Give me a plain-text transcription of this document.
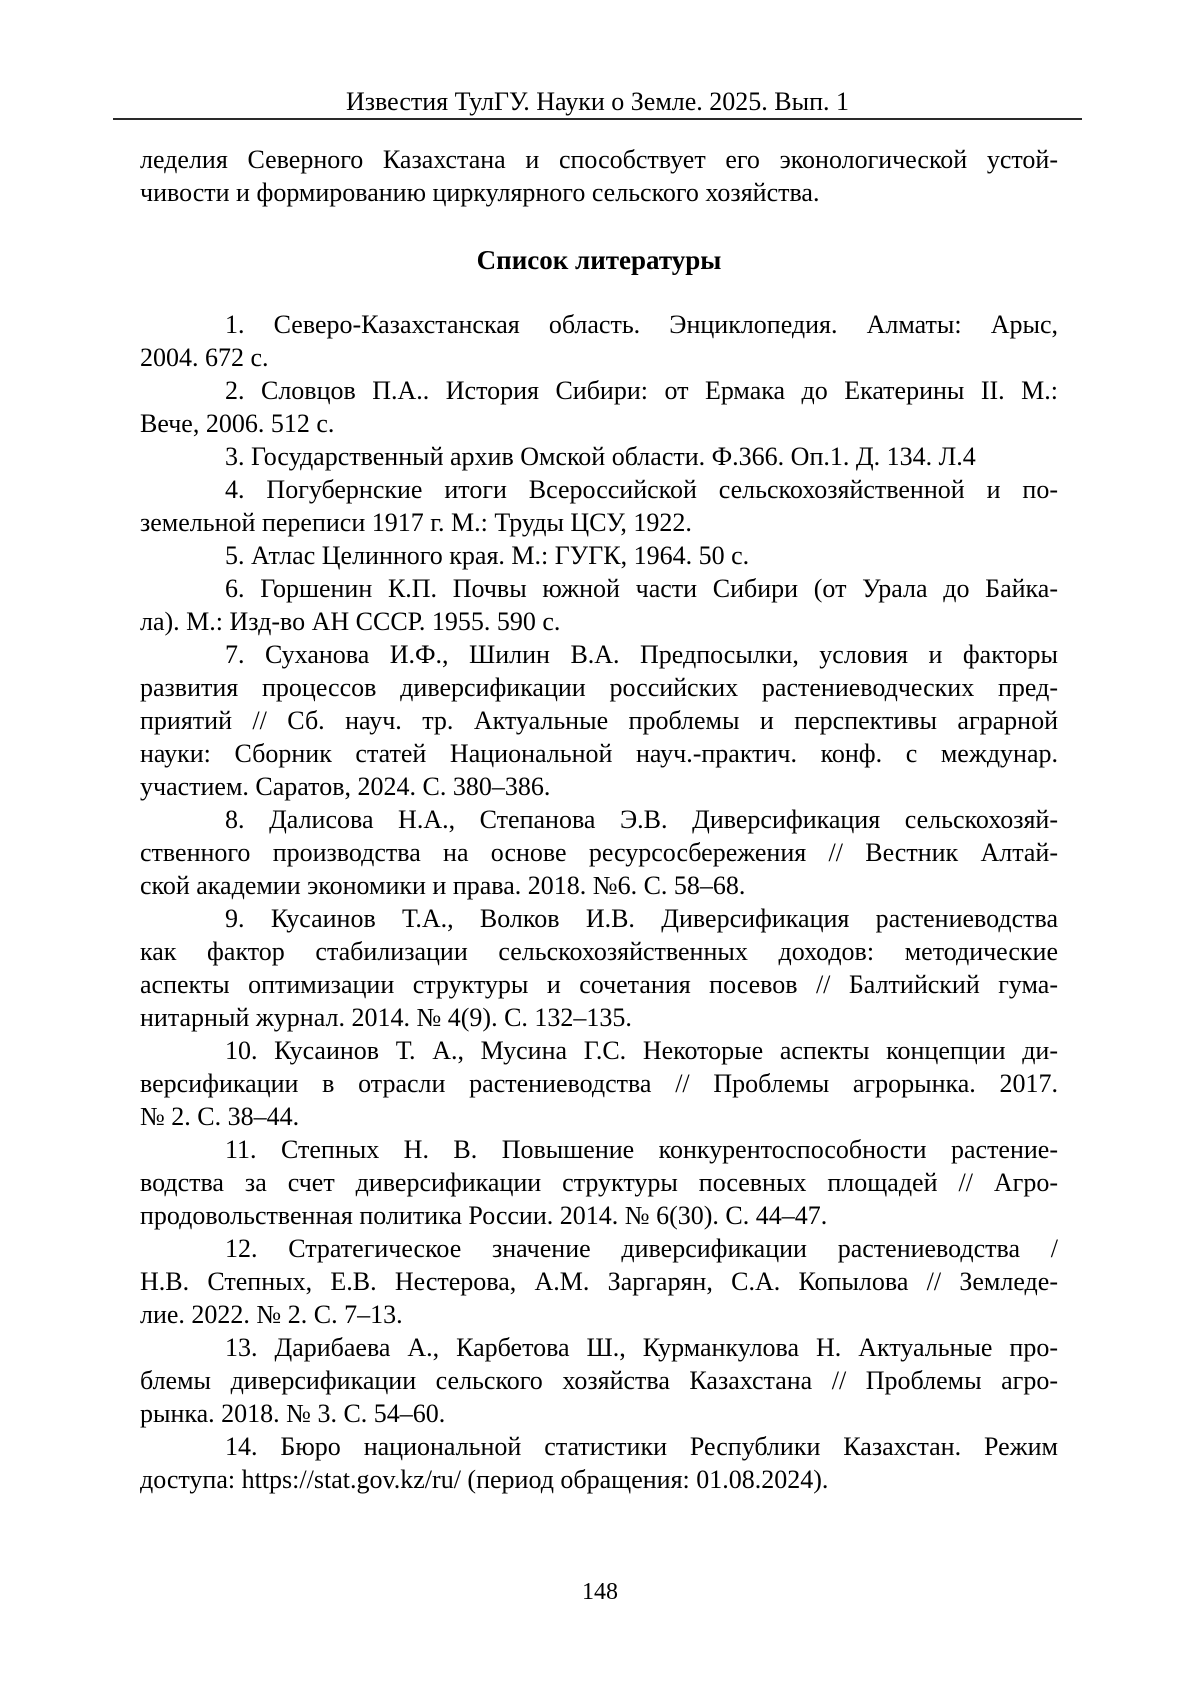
Известия ТулГУ. Науки о Земле. 2025. Вып. 1
леделия Северного Казахстана и способствует его эконологической устой-
чивости и формированию циркулярного сельского хозяйства.
Список литературы
1. Северо-Казахстанская область. Энциклопедия. Алматы: Арыс,
2004. 672 с.
2. Словцов П.А.. История Сибири: от Ермака до Екатерины II. М.:
Вече, 2006. 512 с.
3. Государственный архив Омской области. Ф.366. Оп.1. Д. 134. Л.4
4. Погубернские итоги Всероссийской сельскохозяйственной и по-
земельной переписи 1917 г. М.: Труды ЦСУ, 1922.
5. Атлас Целинного края. М.: ГУГК, 1964. 50 с.
6. Горшенин К.П. Почвы южной части Сибири (от Урала до Байка-
ла). М.: Изд-во АН СССР. 1955. 590 с.
7. Суханова И.Ф., Шилин В.А. Предпосылки, условия и факторы
развития процессов диверсификации российских растениеводческих пред-
приятий // Сб. науч. тр. Актуальные проблемы и перспективы аграрной
науки: Сборник статей Национальной науч.-практич. конф. с междунар.
участием. Саратов, 2024. С. 380–386.
8. Далисова Н.А., Степанова Э.В. Диверсификация сельскохозяй-
ственного производства на основе ресурсосбережения // Вестник Алтай-
ской академии экономики и права. 2018. №6. С. 58–68.
9. Кусаинов Т.А., Волков И.В. Диверсификация растениеводства
как фактор стабилизации сельскохозяйственных доходов: методические
аспекты оптимизации структуры и сочетания посевов // Балтийский гума-
нитарный журнал. 2014. № 4(9). С. 132–135.
10. Кусаинов Т. А., Мусина Г.С. Некоторые аспекты концепции ди-
версификации в отрасли растениеводства // Проблемы агрорынка. 2017.
№ 2. С. 38–44.
11. Степных Н. В. Повышение конкурентоспособности растение-
водства за счет диверсификации структуры посевных площадей // Агро-
продовольственная политика России. 2014. № 6(30). С. 44–47.
12. Стратегическое значение диверсификации растениеводства /
Н.В. Степных, Е.В. Нестерова, А.М. Заргарян, С.А. Копылова // Земледе-
лие. 2022. № 2. С. 7–13.
13. Дарибаева А., Карбетова Ш., Курманкулова Н. Актуальные про-
блемы диверсификации сельского хозяйства Казахстана // Проблемы агро-
рынка. 2018. № 3. С. 54–60.
14. Бюро национальной статистики Республики Казахстан. Режим
доступа: https://stat.gov.kz/ru/ (период обращения: 01.08.2024).
148
